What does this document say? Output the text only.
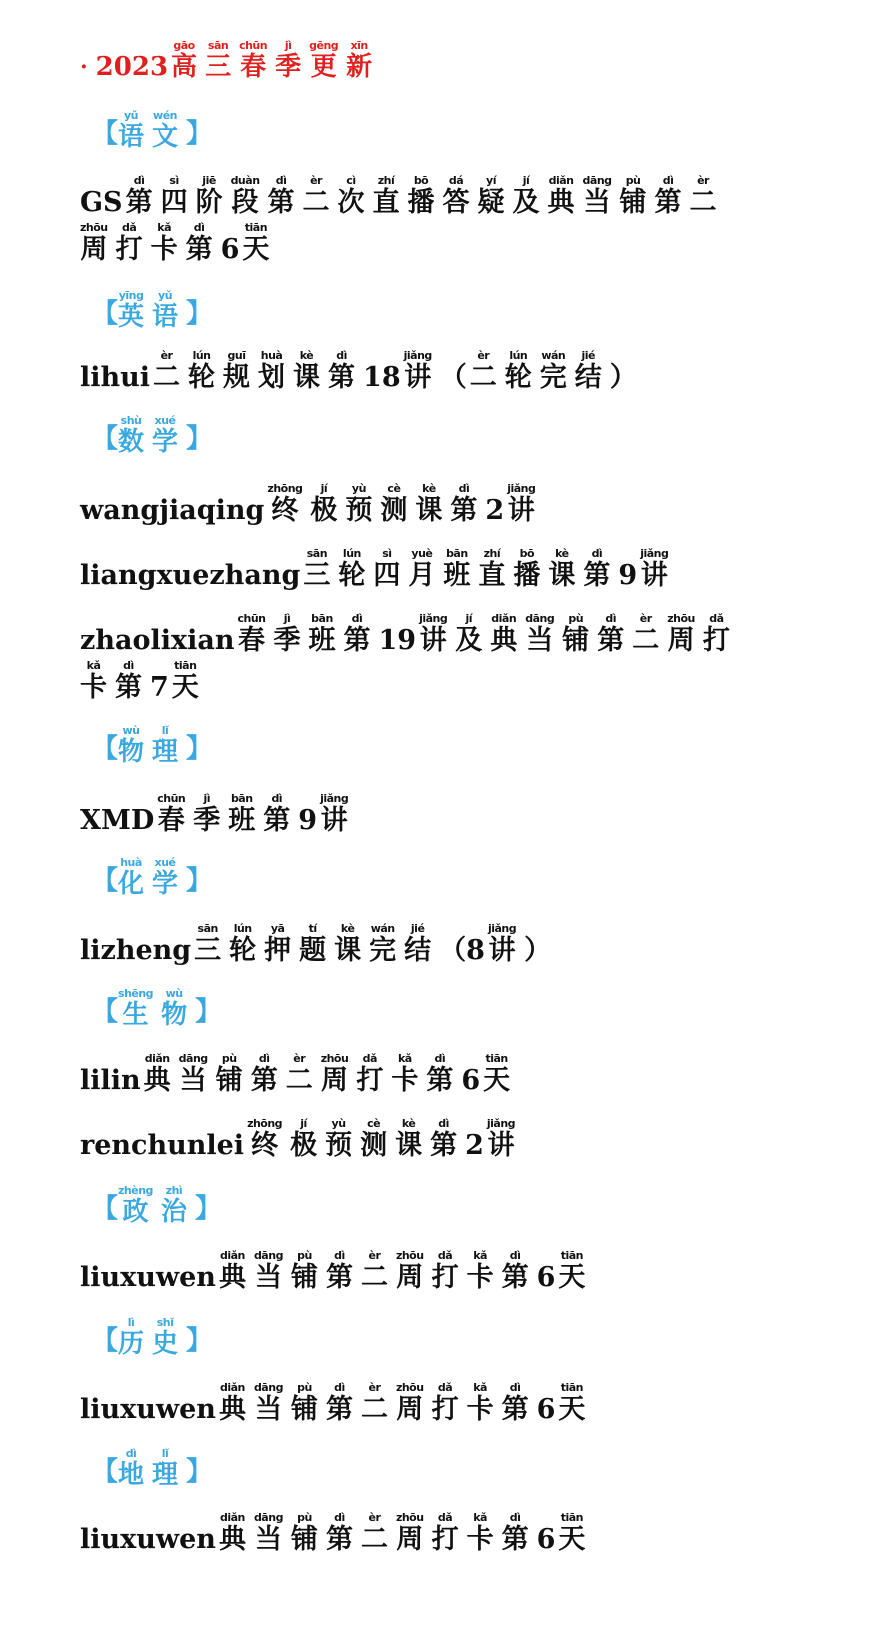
· 2023 高gāo
三sān
春chūn
季jì
更gēng
新xīn
【 语yǔ
文wén
】
GS 第dì
四sì
阶jiē
段duàn
第dì
二èr
次cì
直zhí
播bō
答dá
疑yí
及jí
典diǎn
当dāng
铺pù
第dì
二èr
周zhōu
打dǎ
卡kǎ
第dì
6 天tiān
【 英yīng
语yǔ
】
lihui 二èr
轮lún
规guī
划huà
课kè
第dì
18 讲jiǎng
（ 二èr
轮lún
完wán
结jié
）
【 数shù
学xué
】
wangjiaqing 终zhōng
极jí
预yù
测cè
课kè
第dì
2 讲jiǎng
liangxuezhang 三sān
轮lún
四sì
月yuè
班bān
直zhí
播bō
课kè
第dì
9 讲jiǎng
zhaolixian 春chūn
季jì
班bān
第dì
19 讲jiǎng
及jí
典diǎn
当dāng
铺pù
第dì
二èr
周zhōu
打dǎ
卡kǎ
第dì
7 天tiān
【 物wù
理lǐ
】
XMD 春chūn
季jì
班bān
第dì
9 讲jiǎng
【 化huà
学xué
】
lizheng 三sān
轮lún
押yā
题tí
课kè
完wán
结jié
（8 讲jiǎng
）
【 生shēng
物wù
】
lilin 典diǎn
当dāng
铺pù
第dì
二èr
周zhōu
打dǎ
卡kǎ
第dì
6 天tiān
renchunlei 终zhōng
极jí
预yù
测cè
课kè
第dì
2 讲jiǎng
【 政zhèng
治zhì
】
liuxuwen 典diǎn
当dāng
铺pù
第dì
二èr
周zhōu
打dǎ
卡kǎ
第dì
6 天tiān
【 历lì
史shǐ
】
liuxuwen 典diǎn
当dāng
铺pù
第dì
二èr
周zhōu
打dǎ
卡kǎ
第dì
6 天tiān
【 地dì
理lǐ
】
liuxuwen 典diǎn
当dāng
铺pù
第dì
二èr
周zhōu
打dǎ
卡kǎ
第dì
6 天tiān
